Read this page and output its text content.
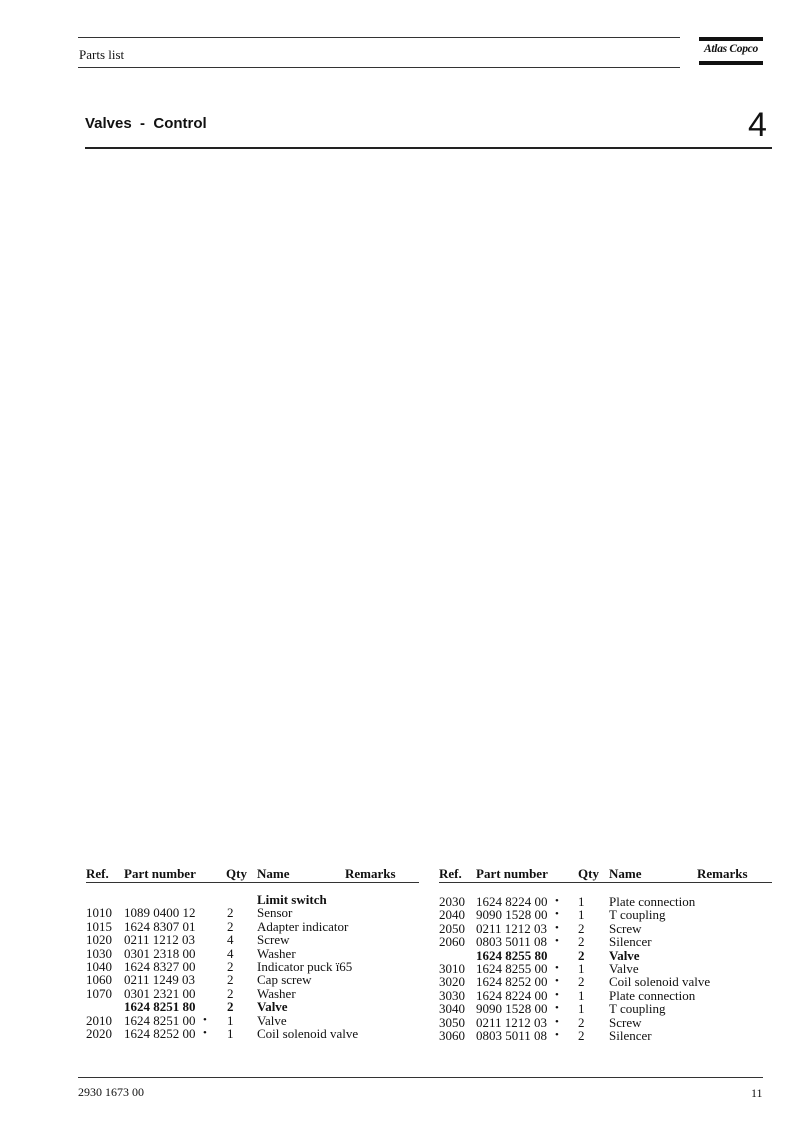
Parts list	Atlas Copco
Valves  -  Control	4
Ref. Part number Qty Name	Remarks
Limit switch
1010 1089 0400 12 2 Sensor
1015 1624 8307 01 2 Adapter indicator
1020 0211 1212 03 4 Screw
1030 0301 2318 00 4 Washer
1040 1624 8327 00 2 Indicator puck ï65
1060 0211 1249 03 2 Cap screw
1070 0301 2321 00 2 Washer
1624 8251 80 2 Valve
2010 1624 8251 00 • 1 Valve
2020 1624 8252 00 • 1 Coil solenoid valve
Ref. Part number Qty Name	Remarks
2030 1624 8224 00 • 1 Plate connection
2040 9090 1528 00 • 1 T coupling
2050 0211 1212 03 • 2 Screw
2060 0803 5011 08 • 2 Silencer
1624 8255 80 2 Valve
3010 1624 8255 00 • 1 Valve
3020 1624 8252 00 • 2 Coil solenoid valve
3030 1624 8224 00 • 1 Plate connection
3040 9090 1528 00 • 1 T coupling
3050 0211 1212 03 • 2 Screw
3060 0803 5011 08 • 2 Silencer
2930 1673 00	11
